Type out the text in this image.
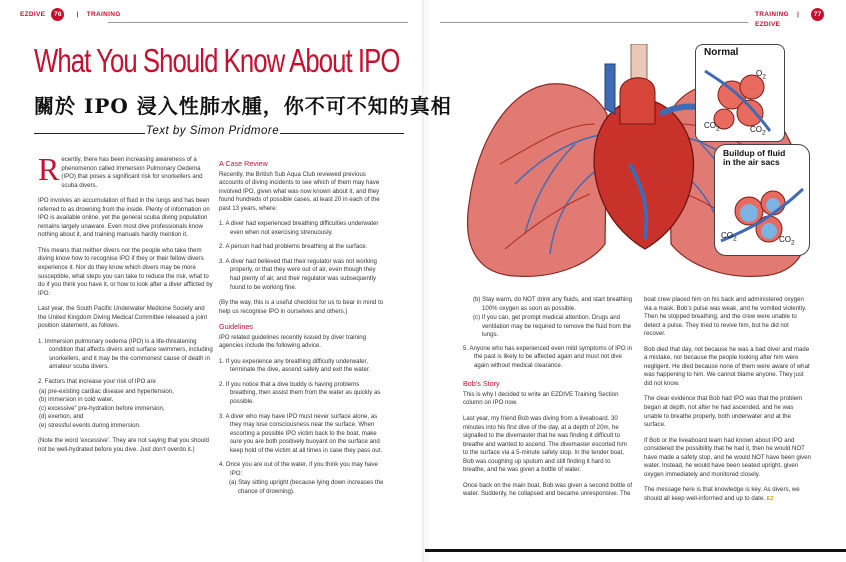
EZDIVE 76 | TRAINING	TRAINING | 77 EZDIVE
What You Should Know About IPO
關於 IPO 浸入性肺水腫，你不可不知的真相
Text by Simon Pridmore

Recently, there has been increasing awareness of a phenomenon called Immersion Pulmonary Oedema (IPO) that poses a significant risk for snorkellers and scuba divers.

IPO involves an accumulation of fluid in the lungs and has been referred to as drowning from the inside. Plenty of information on IPO is available online, yet the general scuba diving population remains largely unaware. Even most dive professionals know nothing about it, and training manuals hardly mention it.

This means that neither divers nor the people who take them diving know how to recognise IPO if they or their fellow divers experience it. Nor do they know which divers may be more susceptible, what steps you can take to reduce the risk, what to do if you think you have it, or how to look after a diver afflicted by IPO.

Last year, the South Pacific Underwater Medicine Society and the United Kingdom Diving Medical Committee released a joint position statement, as follows.

1. Immersion pulmonary oedema (IPO) is a life-threatening condition that affects divers and surface swimmers, including snorkellers, and it may be the commonest cause of death in amateur scuba divers.
2. Factors that increase your risk of IPO are
(a) pre-existing cardiac disease and hypertension,
(b) immersion in cold water,
(c) excessive” pre-hydration before immersion,
(d) exertion, and
(e) stressful events during immersion.

(Note the word ‘excessive’. They are not saying that you should not be well-hydrated before you dive. Just don’t overdo it.)

A Case Review

Recently, the British Sub Aqua Club reviewed previous accounts of diving incidents to see which of them may have involved IPO, given what was now known about it, and they found hundreds of possible cases, at least 20 in each of the past 13 years, where:

1. A diver had experienced breathing difficulties underwater even when not exercising strenuously.
2. A person had had problems breathing at the surface.
3. A diver had believed that their regulator was not working properly, or that they were out of air, even though they had plenty of air, and their regulator was subsequently found to be working fine.

(By the way, this is a useful checklist for us to bear in mind to help us recognise IPO in ourselves and others.)

Guidelines

IPO related guidelines recently issued by diver training agencies include the following advice.

1. If you experience any breathing difficulty underwater, terminate the dive, ascend safely and exit the water.
2. If you notice that a dive buddy is having problems breathing, then assist them from the water as quickly as possible.
3. A diver who may have IPO must never surface alone, as they may lose consciousness near the surface. When escorting a possible IPO victim back to the boat, make sure you are both positively buoyant on the surface and keep hold of the victim at all times in case they pass out.
4. Once you are out of the water, if you think you may have IPO:
(a) Stay sitting upright (because lying down increases the chance of drowning).
Normal
$O_2$
$CO_2$	$CO_2$
Buildup of fluid in the air sacs
$CO_2$	$CO_2$
(b) Stay warm, do NOT drink any fluids, and start breathing 100% oxygen as soon as possible.
(c) If you can, get prompt medical attention. Drugs and ventilation may be required to remove the fluid from the lungs.
5. Anyone who has experienced even mild symptoms of IPO in the past is likely to be affected again and must not dive again without medical clearance.
Bob’s Story

This is why I decided to write an EZDIVE Training Section column on IPO now.

Last year, my friend Bob was diving from a liveaboard. 30 minutes into his first dive of the day, at a depth of 20m, he signalled to the divemaster that he was finding it difficult to breathe and wanted to ascend. The divemaster escorted him to the surface via a 5-minute safety stop. In the tender boat, Bob was coughing up sputum and still finding it hard to breathe, and he was given a bottle of water.

Once back on the main boat, Bob was given a second bottle of water. Suddenly, he collapsed and became unresponsive. The

boat crew placed him on his back and administered oxygen via a mask. Bob’s pulse was weak, and he vomited violently. Then he stopped breathing, and the crew were unable to detect a pulse. They tried to revive him, but he did not recover.

Bob died that day, not because he was a bad diver and made a mistake, nor because the people looking after him were negligent. He died because none of them were aware of what was happening to him. We cannot blame anyone. They just did not know.

The clear evidence that Bob had IPO was that the problem began at depth, not after he had ascended, and he was unable to breathe properly, both underwater and at the surface.

If Bob or the liveaboard team had known about IPO and considered the possibility that he had it, then he would NOT have made a safety stop, and he would NOT have been given water. Instead, he would have been seated upright, given oxygen immediately and monitored closely.

The message here is that knowledge is key. As divers, we should all keep well-informed and up to date. EZ
